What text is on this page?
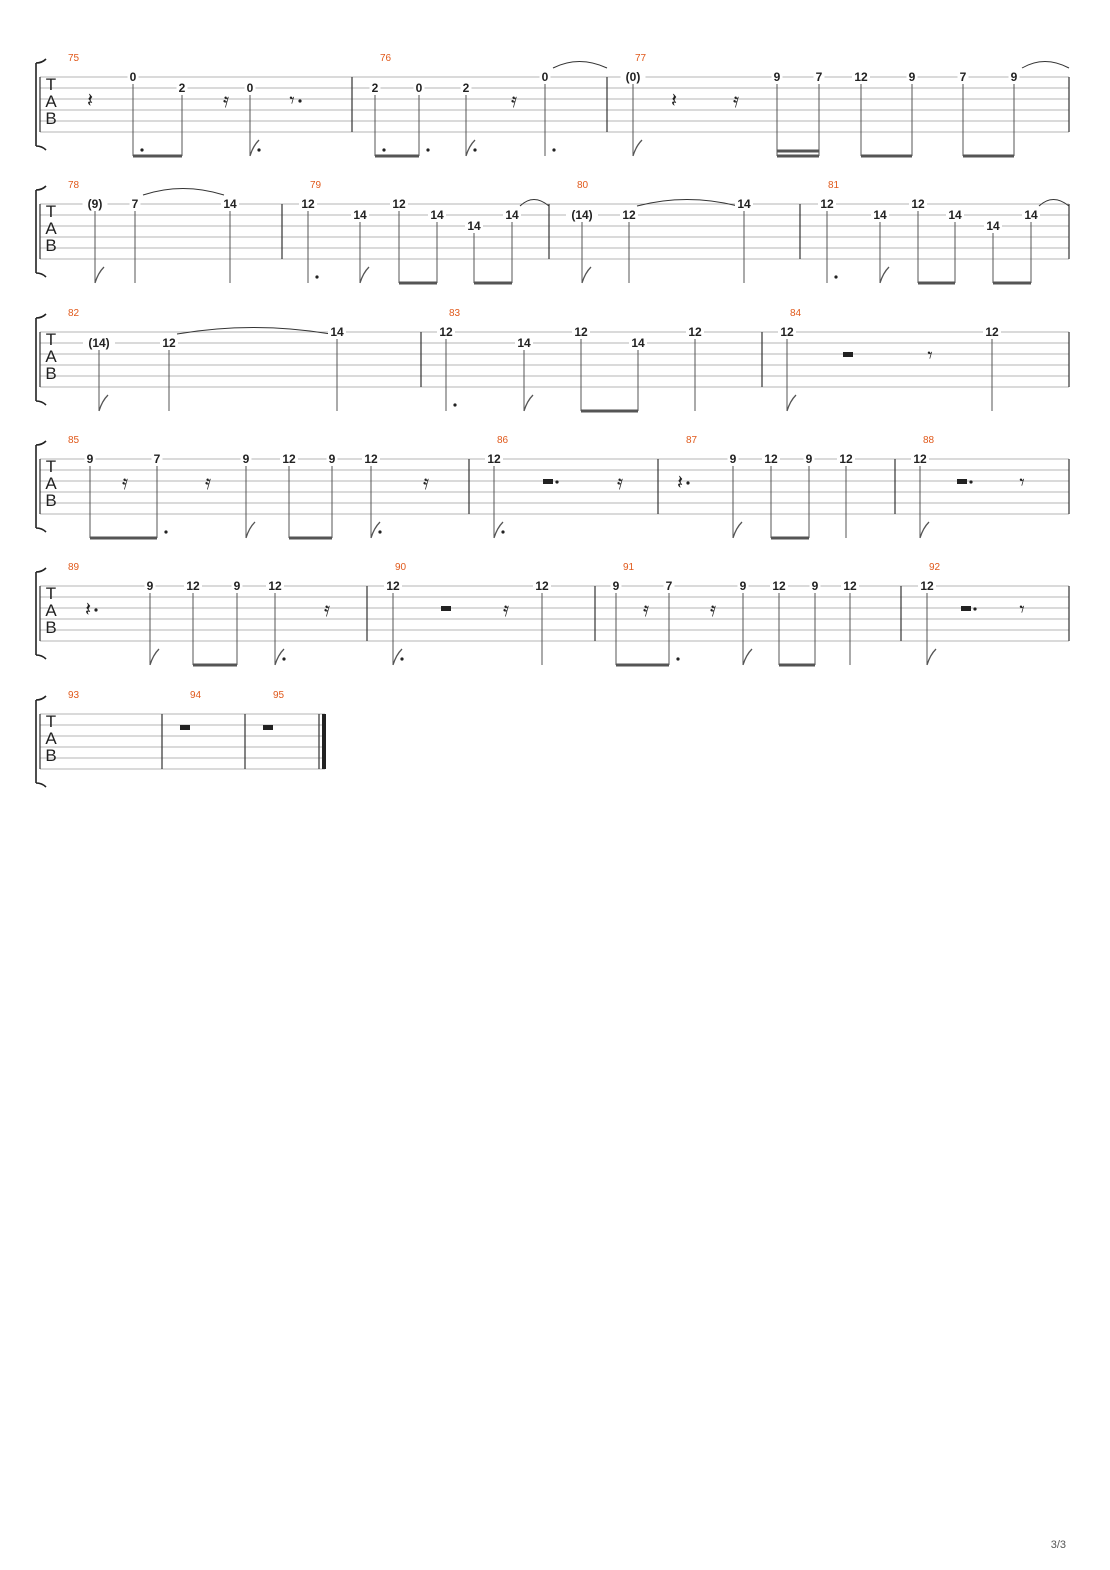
T
A
B
75
0
2	0
𝄽	𝄿	𝄾
76
2	0	2
0
𝄿
77
(0)	9	7	12	9	7	9
𝄽	𝄿
T
A
B
78
(9) 7	14
79
12
14
12
14
14
14
80
(14) 12
14
81
12
14
12
14
14
14
T
A
B
82
(14)	12
14
83
12
14
12
14
12
84
12	12
𝄾
T
A
B
85
9	7	9	12	9 12
𝄿	𝄿	𝄿
86
12
𝄿
87
9 12 9 12
𝄽
88
12
𝄾
T
A
B
89
9	12	9 12
𝄽	𝄿
90
12	12
𝄿
91
9	7	9 12 9 12
𝄿	𝄿
92
12
𝄾
T
A
B
93	94	95
3/3
